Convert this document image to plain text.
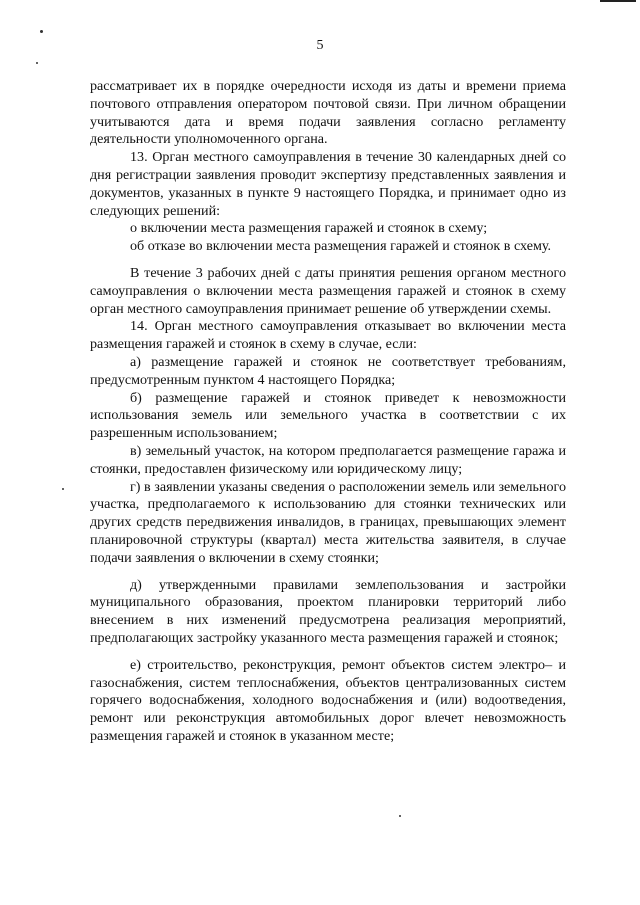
5

рассматривает их в порядке очередности исходя из даты и времени приема почтового отправления оператором почтовой связи. При личном обращении учитываются дата и время подачи заявления согласно регламенту деятельности уполномоченного органа.

13. Орган местного самоуправления в течение 30 календарных дней со дня регистрации заявления проводит экспертизу представленных заявления и документов, указанных в пункте 9 настоящего Порядка, и принимает одно из следующих решений:

о включении места размещения гаражей и стоянок в схему;

об отказе во включении места размещения гаражей и стоянок в схему.

В течение 3 рабочих дней с даты принятия решения органом местного самоуправления о включении места размещения гаражей и стоянок в схему орган местного самоуправления принимает решение об утверждении схемы.

14. Орган местного самоуправления отказывает во включении места размещения гаражей и стоянок в схему в случае, если:

а) размещение гаражей и стоянок не соответствует требованиям, предусмотренным пунктом 4 настоящего Порядка;

б) размещение гаражей и стоянок приведет к невозможности использования земель или земельного участка в соответствии с их разрешенным использованием;

в) земельный участок, на котором предполагается размещение гаража и стоянки, предоставлен физическому или юридическому лицу;

г) в заявлении указаны сведения о расположении земель или земельного участка, предполагаемого к использованию для стоянки технических или других средств передвижения инвалидов, в границах, превышающих элемент планировочной структуры (квартал) места жительства заявителя, в случае подачи заявления о включении в схему стоянки;

д) утвержденными правилами землепользования и застройки муниципального образования, проектом планировки территорий либо внесением в них изменений предусмотрена реализация мероприятий, предполагающих застройку указанного места размещения гаражей и стоянок;

е) строительство, реконструкция, ремонт объектов систем электро– и газоснабжения, систем теплоснабжения, объектов централизованных систем горячего водоснабжения, холодного водоснабжения и (или) водоотведения, ремонт или реконструкция автомобильных дорог влечет невозможность размещения гаражей и стоянок в указанном месте;
